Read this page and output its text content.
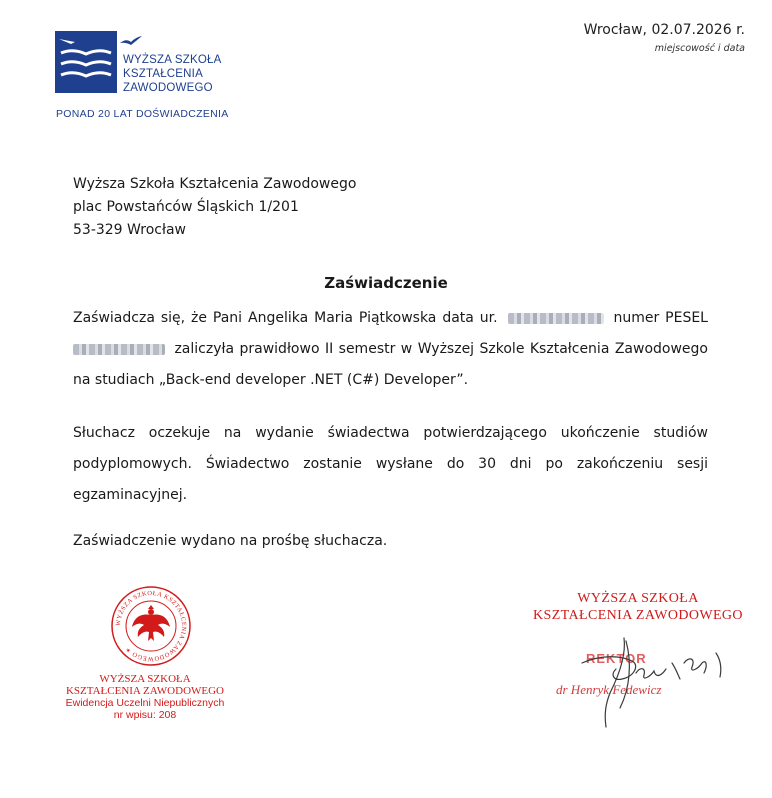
WYŻSZA SZKOŁA
KSZTAŁCENIA
ZAWODOWEGO
PONAD 20 LAT DOŚWIADCZENIA
Wrocław, 02.07.2026 r.
miejscowość i data
Wyższa Szkoła Kształcenia Zawodowego
plac Powstańców Śląskich 1/201
53-329 Wrocław
Zaświadczenie
Zaświadcza się, że Pani Angelika Maria Piątkowska data ur.	numer PESEL  zaliczyła prawidłowo II semestr w Wyższej Szkole Kształcenia Zawodowego na studiach „Back-end developer .NET (C#) Developer”.
Słuchacz oczekuje na wydanie świadectwa potwierdzającego ukończenie studiów podyplomowych. Świadectwo zostanie wysłane do 30 dni po zakończeniu sesji egzaminacyjnej.
Zaświadczenie wydano na prośbę słuchacza.
WYŻSZA SZKOŁA KSZTAŁCENIA ZAWODOWEGO ✶
WYŻSZA SZKOŁA
KSZTAŁCENIA ZAWODOWEGO
Ewidencja Uczelni Niepublicznych
nr wpisu: 208
WYŻSZA SZKOŁA
KSZTAŁCENIA ZAWODOWEGO
REKTOR
dr Henryk Fedewicz
